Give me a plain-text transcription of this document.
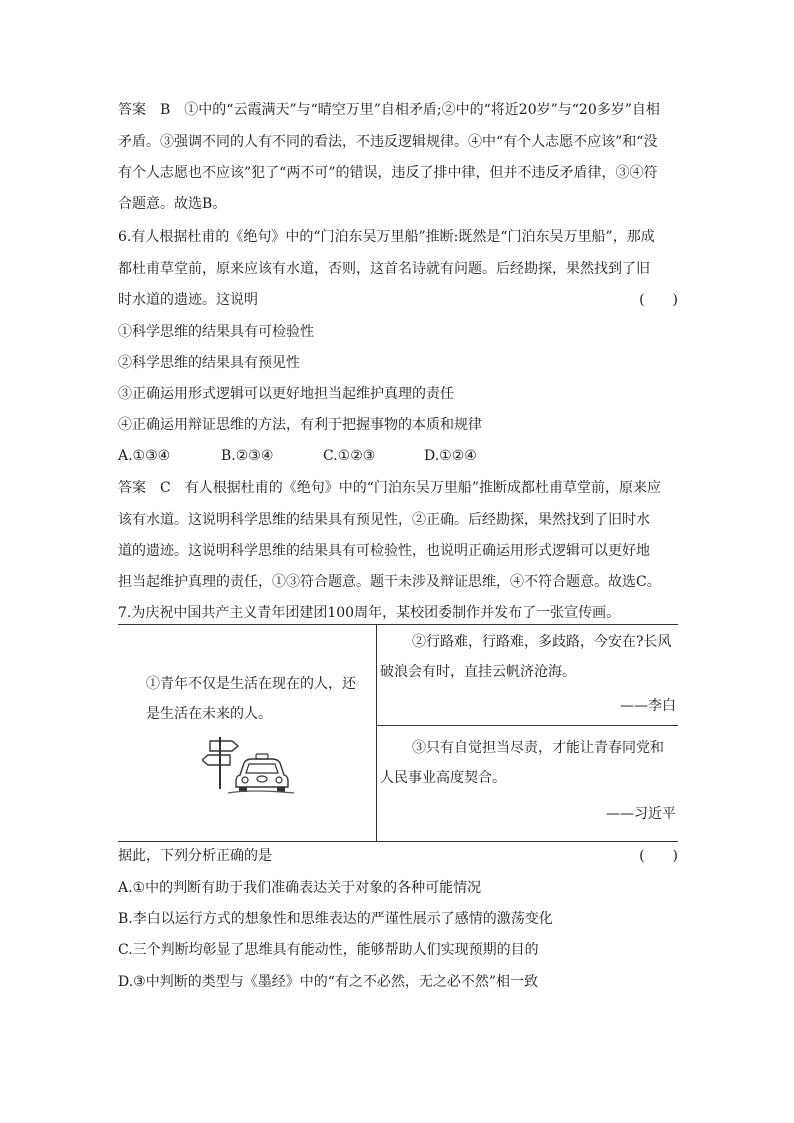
答案　B　①中的“云霞满天”与“晴空万里”自相矛盾;②中的“将近20岁”与“20多岁”自相
矛盾。③强调不同的人有不同的看法，不违反逻辑规律。④中“有个人志愿不应该”和“没
有个人志愿也不应该”犯了“两不可”的错误，违反了排中律，但并不违反矛盾律，③④符
合题意。故选B。
6.有人根据杜甫的《绝句》中的“门泊东吴万里船”推断:既然是“门泊东吴万里船”，那成
都杜甫草堂前，原来应该有水道，否则，这首名诗就有问题。后经勘探，果然找到了旧
时水道的遗迹。这说明	(　　)
①科学思维的结果具有可检验性
②科学思维的结果具有预见性
③正确运用形式逻辑可以更好地担当起维护真理的责任
④正确运用辩证思维的方法，有利于把握事物的本质和规律
A.①③④	B.②③④	C.①②③	D.①②④
答案　C　有人根据杜甫的《绝句》中的“门泊东吴万里船”推断成都杜甫草堂前，原来应
该有水道。这说明科学思维的结果具有预见性，②正确。后经勘探，果然找到了旧时水
道的遗迹。这说明科学思维的结果具有可检验性，也说明正确运用形式逻辑可以更好地
担当起维护真理的责任，①③符合题意。题干未涉及辩证思维，④不符合题意。故选C。
7.为庆祝中国共产主义青年团建团100周年，某校团委制作并发布了一张宣传画。
①青年不仅是生活在现在的人，还
是生活在未来的人。
②行路难，行路难，多歧路，今安在?长风
破浪会有时，直挂云帆济沧海。
——李白
③只有自觉担当尽责，才能让青春同党和
人民事业高度契合。
——习近平
据此，下列分析正确的是	(　　)
A.①中的判断有助于我们准确表达关于对象的各种可能情况
B.李白以运行方式的想象性和思维表达的严谨性展示了感情的激荡变化
C.三个判断均彰显了思维具有能动性，能够帮助人们实现预期的目的
D.③中判断的类型与《墨经》中的“有之不必然，无之必不然”相一致
